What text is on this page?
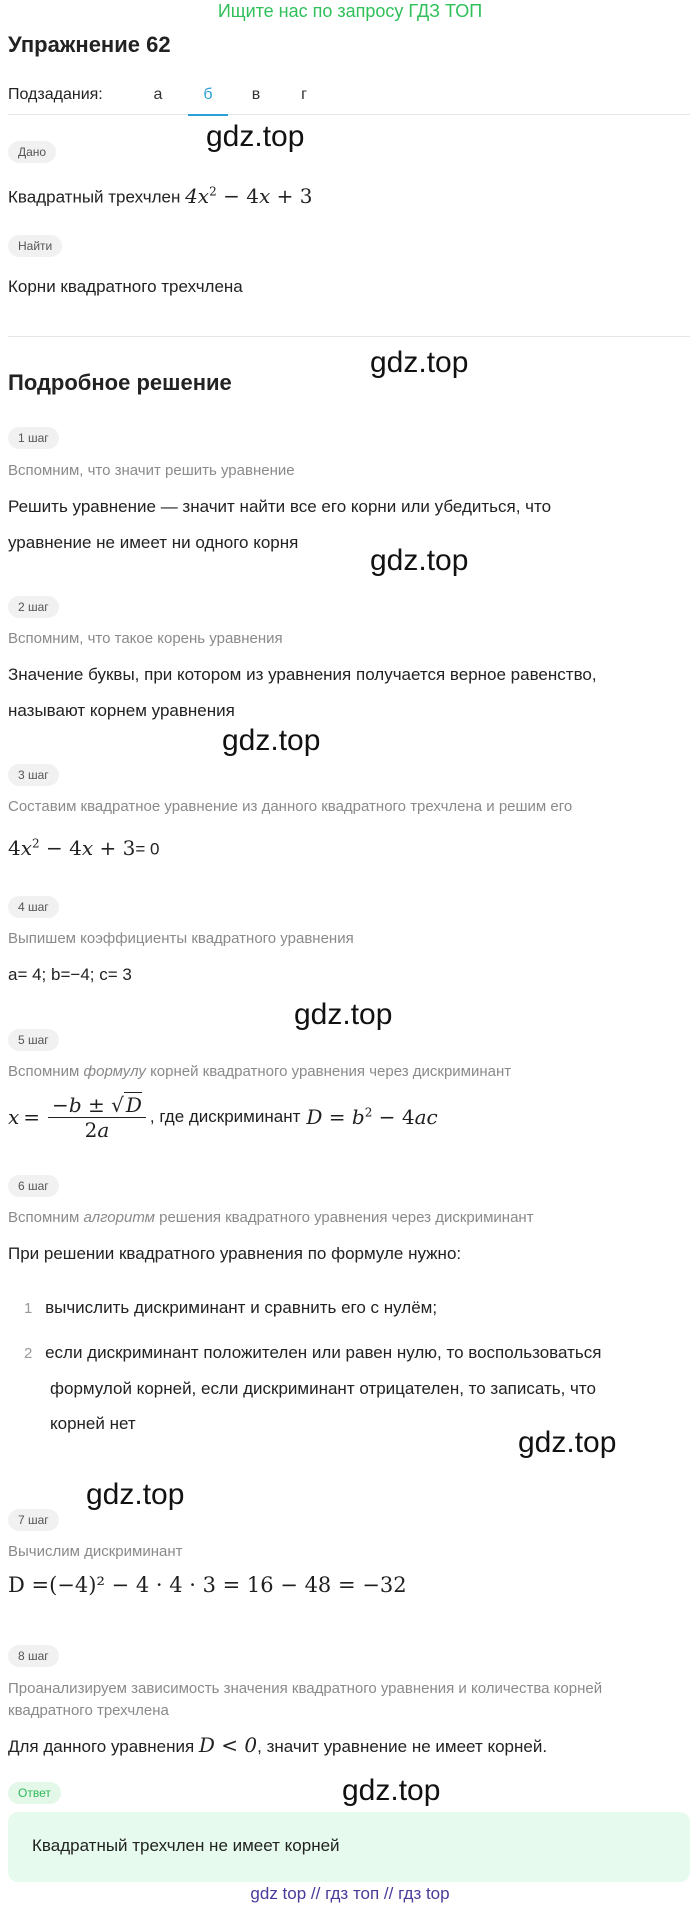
Ищите нас по запросу ГДЗ ТОП
Упражнение 62
Подзадания:	а	б	в	г
Дано	gdz.top
Квадратный трехчлен $4x^2 - 4x + 3$
Найти
Корни квадратного трехчлена
gdz.top
Подробное решение
1 шаг
Вспомним, что значит решить уравнение
Решить уравнение — значит найти все его корни или убедиться, что
уравнение не имеет ни одного корня
gdz.top
2 шаг
Вспомним, что такое корень уравнения
Значение буквы, при котором из уравнения получается верное равенство,
называют корнем уравнения
gdz.top
3 шаг
Составим квадратное уравнение из данного квадратного трехчлена и решим его
$4x^2 - 4x + 3= 0$
4 шаг
Выпишем коэффициенты квадратного уравнения
a= 4; b=−4; c= 3
gdz.top
5 шаг
Вспомним формулу корней квадратного уравнения через дискриминант
$x = \frac{-b \pm √ D}{2a}$ , где дискриминант $D = b^2 - 4ac$
6 шаг
Вспомним алгоритм решения квадратного уравнения через дискриминант
При решении квадратного уравнения по формуле нужно:
1 вычислить дискриминант и сравнить его с нулём;
2 если дискриминант положителен или равен нулю, то воспользоваться
формулой корней, если дискриминант отрицателен, то записать, что
корней нет
gdz.top
gdz.top
7 шаг
Вычислим дискриминант
D =(−4)² − 4 · 4 · 3 = 16 − 48 = −32
8 шаг
Проанализируем зависимость значения квадратного уравнения и количества корней
квадратного трехчлена
Для данного уравнения D < 0, значит уравнение не имеет корней.
Ответ	gdz.top
Квадратный трехчлен не имеет корней
gdz top // гдз топ // гдз top
